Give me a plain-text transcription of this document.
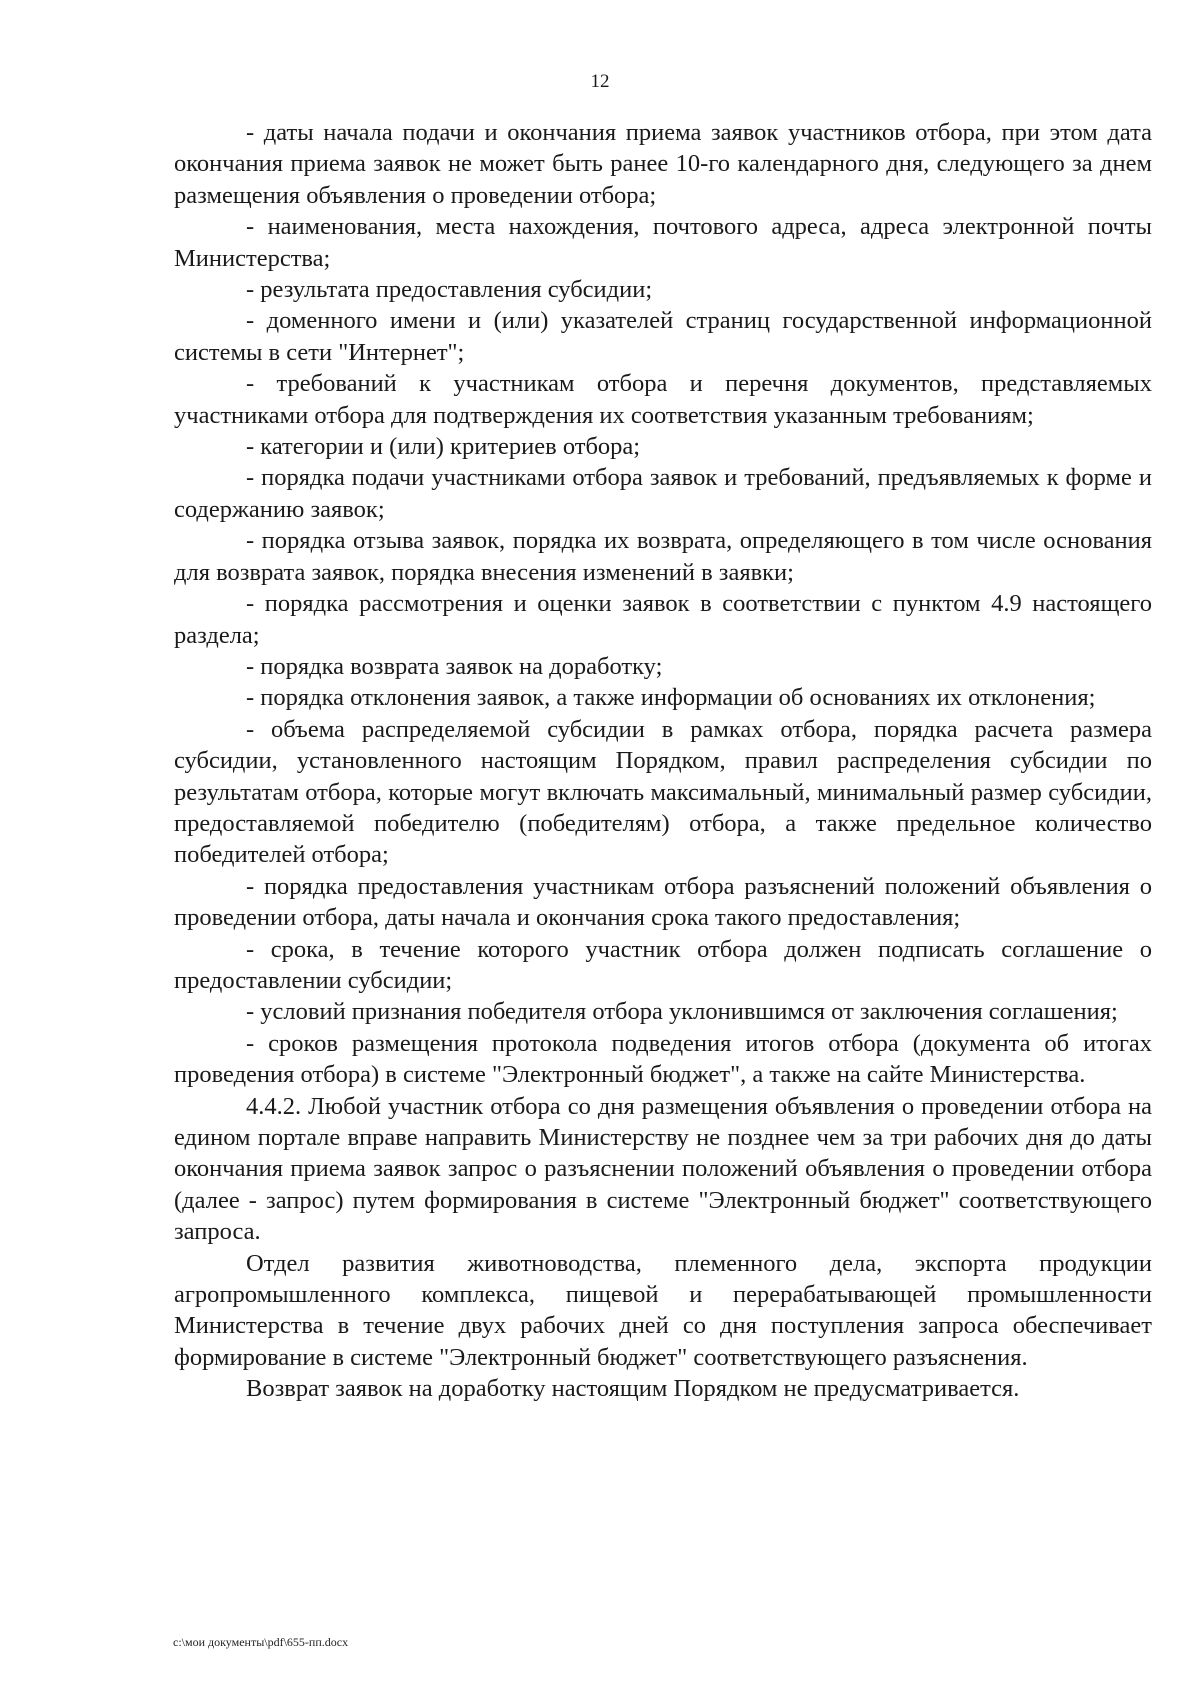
12

- даты начала подачи и окончания приема заявок участников отбора, при этом дата окончания приема заявок не может быть ранее 10-го календарного дня, следующего за днем размещения объявления о проведении отбора;

- наименования, места нахождения, почтового адреса, адреса электронной почты Министерства;

- результата предоставления субсидии;

- доменного имени и (или) указателей страниц государственной информационной системы в сети "Интернет";

- требований к участникам отбора и перечня документов, представляемых участниками отбора для подтверждения их соответствия указанным требованиям;

- категории и (или) критериев отбора;

- порядка подачи участниками отбора заявок и требований, предъявляемых к форме и содержанию заявок;

- порядка отзыва заявок, порядка их возврата, определяющего в том числе основания для возврата заявок, порядка внесения изменений в заявки;

- порядка рассмотрения и оценки заявок в соответствии с пунктом 4.9 настоящего раздела;

- порядка возврата заявок на доработку;

- порядка отклонения заявок, а также информации об основаниях их отклонения;

- объема распределяемой субсидии в рамках отбора, порядка расчета размера субсидии, установленного настоящим Порядком, правил распределения субсидии по результатам отбора, которые могут включать максимальный, минимальный размер субсидии, предоставляемой победителю (победителям) отбора, а также предельное количество победителей отбора;

- порядка предоставления участникам отбора разъяснений положений объявления о проведении отбора, даты начала и окончания срока такого предоставления;

- срока, в течение которого участник отбора должен подписать соглашение о предоставлении субсидии;

- условий признания победителя отбора уклонившимся от заключения соглашения;

- сроков размещения протокола подведения итогов отбора (документа об итогах проведения отбора) в системе "Электронный бюджет", а также на сайте Министерства.

4.4.2. Любой участник отбора со дня размещения объявления о проведении отбора на едином портале вправе направить Министерству не позднее чем за три рабочих дня до даты окончания приема заявок запрос о разъяснении положений объявления о проведении отбора (далее - запрос) путем формирования в системе "Электронный бюджет" соответствующего запроса.

Отдел развития животноводства, племенного дела, экспорта продукции агропромышленного комплекса, пищевой и перерабатывающей промышленности Министерства в течение двух рабочих дней со дня поступления запроса обеспечивает формирование в системе "Электронный бюджет" соответствующего разъяснения.

Возврат заявок на доработку настоящим Порядком не предусматривается.

c:\мои документы\pdf\655-пп.docx
